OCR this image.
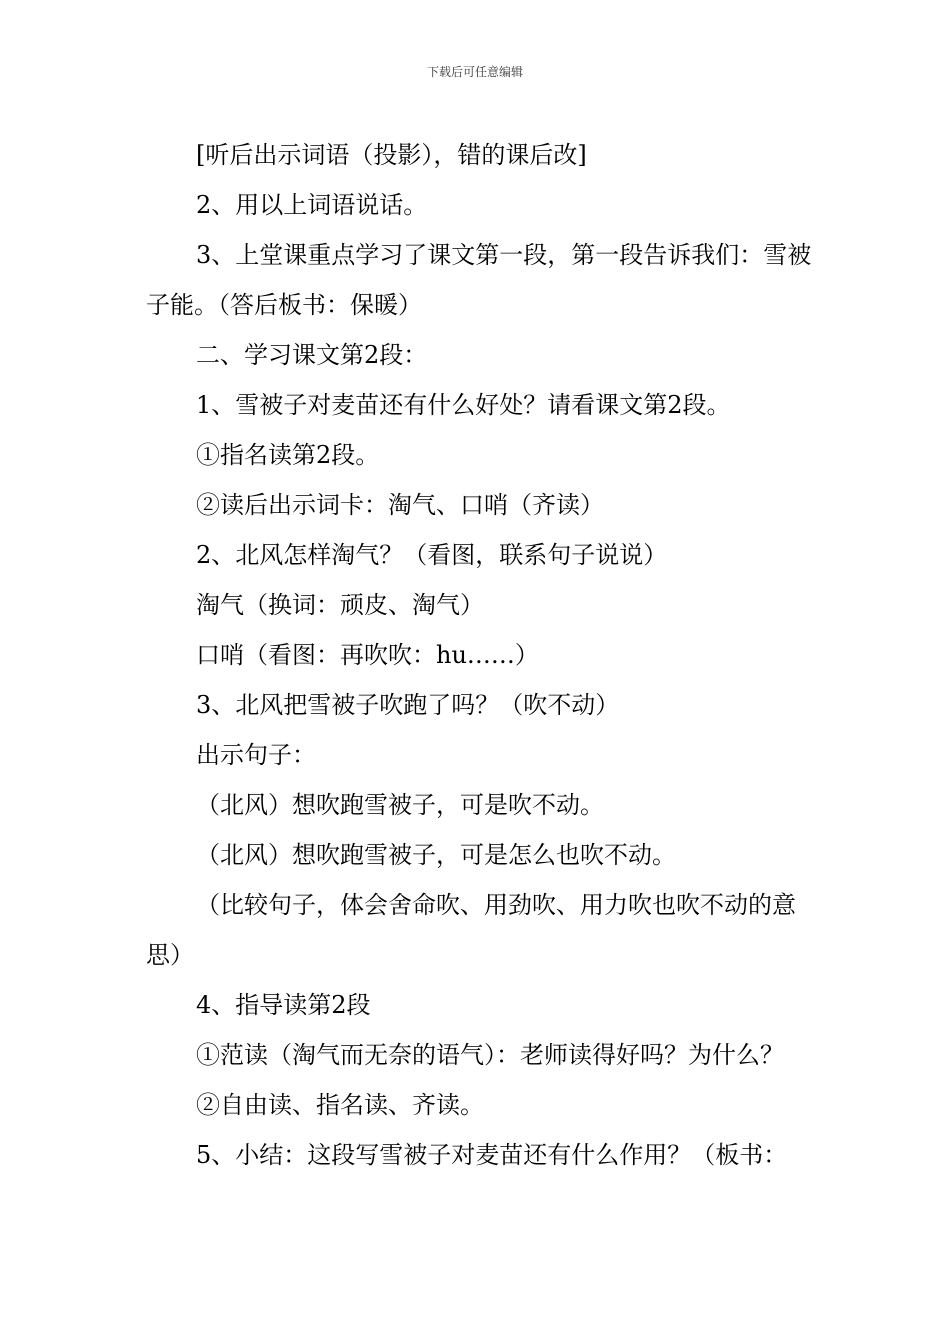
下载后可任意编辑

[听后出示词语（投影），错的课后改]

2、用以上词语说话。

3、上堂课重点学习了课文第一段，第一段告诉我们：雪被子能。（答后板书：保暖）

二、学习课文第2段：

1、雪被子对麦苗还有什么好处？请看课文第2段。

①指名读第2段。

②读后出示词卡：淘气、口哨（齐读）

2、北风怎样淘气？（看图，联系句子说说）

淘气（换词：顽皮、淘气）

口哨（看图：再吹吹：hu……）

3、北风把雪被子吹跑了吗？（吹不动）

出示句子：

（北风）想吹跑雪被子，可是吹不动。

（北风）想吹跑雪被子，可是怎么也吹不动。

（比较句子，体会舍命吹、用劲吹、用力吹也吹不动的意思）

4、指导读第2段

①范读（淘气而无奈的语气）：老师读得好吗？为什么？

②自由读、指名读、齐读。

5、小结：这段写雪被子对麦苗还有什么作用？（板书：
